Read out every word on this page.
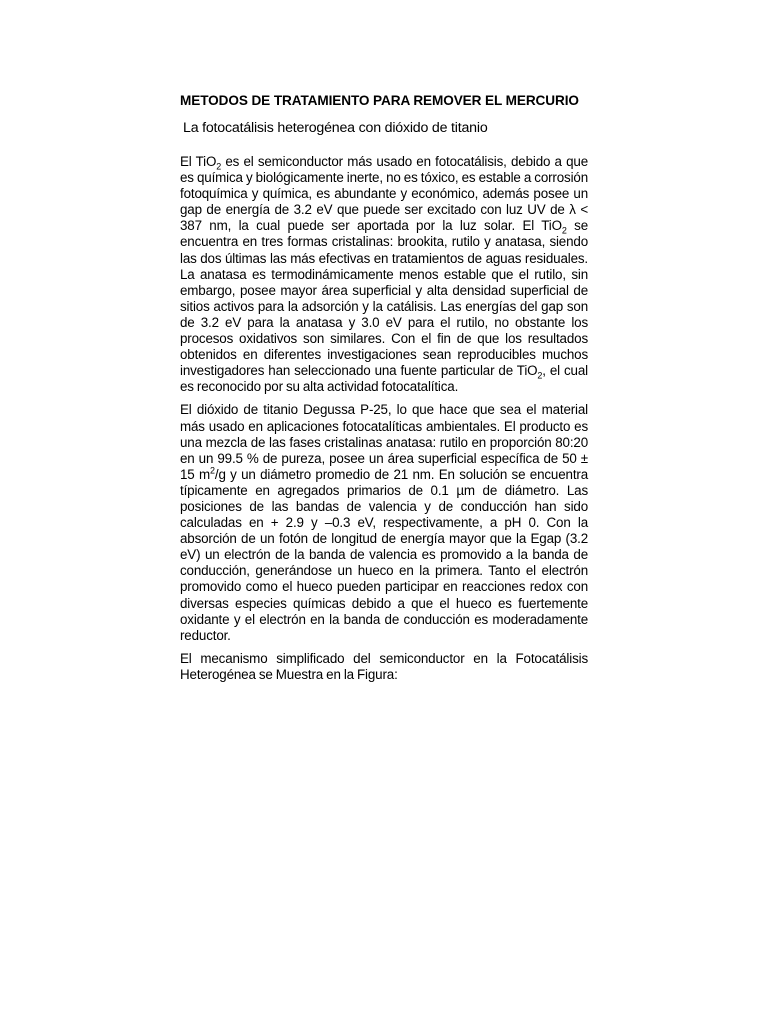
METODOS DE TRATAMIENTO PARA REMOVER EL MERCURIO
La fotocatálisis heterogénea con dióxido de titanio

El TiO$_2$ es el semiconductor más usado en fotocatálisis, debido a que es química y biológicamente inerte, no es tóxico, es estable a corrosión fotoquímica y química, es abundante y económico, además posee un gap de energía de 3.2 eV que puede ser excitado con luz UV de λ < 387 nm, la cual puede ser aportada por la luz solar. El TiO$_2$ se encuentra en tres formas cristalinas: brookita, rutilo y anatasa, siendo las dos últimas las más efectivas en tratamientos de aguas residuales. La anatasa es termodinámicamente menos estable que el rutilo, sin embargo, posee mayor área superficial y alta densidad superficial de sitios activos para la adsorción y la catálisis. Las energías del gap son de 3.2 eV para la anatasa y 3.0 eV para el rutilo, no obstante los procesos oxidativos son similares. Con el fin de que los resultados obtenidos en diferentes investigaciones sean reproducibles muchos investigadores han seleccionado una fuente particular de TiO$_2$, el cual es reconocido por su alta actividad fotocatalítica.

El dióxido de titanio Degussa P-25, lo que hace que sea el material más usado en aplicaciones fotocatalíticas ambientales. El producto es una mezcla de las fases cristalinas anatasa: rutilo en proporción 80:20 en un 99.5 % de pureza, posee un área superficial específica de 50 ± 15 $m^2/g$ y un diámetro promedio de 21 nm. En solución se encuentra típicamente en agregados primarios de 0.1 µm de diámetro. Las posiciones de las bandas de valencia y de conducción han sido calculadas en + 2.9 y –0.3 eV, respectivamente, a pH 0. Con la absorción de un fotón de longitud de energía mayor que la Egap (3.2 eV) un electrón de la banda de valencia es promovido a la banda de conducción, generándose un hueco en la primera. Tanto el electrón promovido como el hueco pueden participar en reacciones redox con diversas especies químicas debido a que el hueco es fuertemente oxidante y el electrón en la banda de conducción es moderadamente reductor.

El mecanismo simplificado del semiconductor en la Fotocatálisis Heterogénea se Muestra en la Figura:
